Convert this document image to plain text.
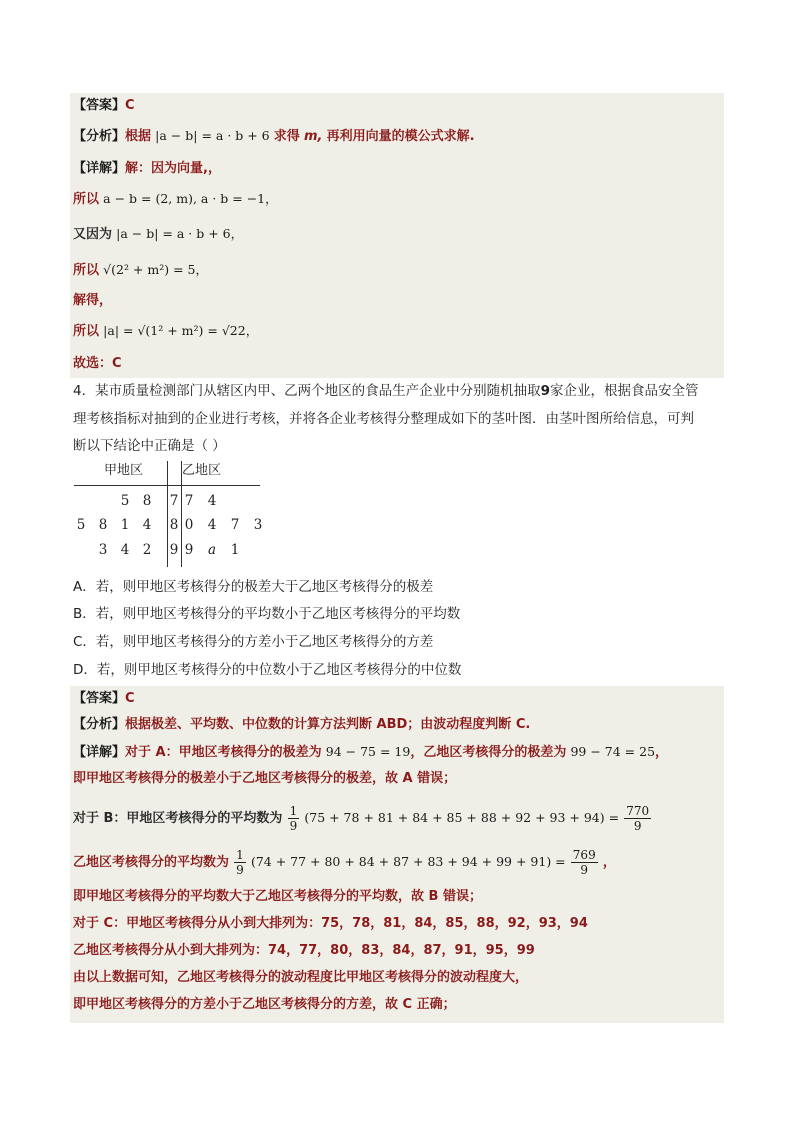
【答案】C
【分析】根据 |a − b| = a · b + 6 求得 m, 再利用向量的模公式求解.
【详解】解：因为向量,，
所以 a − b = (2, m), a · b = −1，
又因为 |a − b| = a · b + 6，
所以 √(2² + m²) = 5，
解得，
所以 |a| = √(1² + m²) = √22，
故选：C
4．某市质量检测部门从辖区内甲、乙两个地区的食品生产企业中分别随机抽取9家企业，根据食品安全管
理考核指标对抽到的企业进行考核，并将各企业考核得分整理成如下的茎叶图．由茎叶图所给信息，可判
断以下结论中正确是（ ）
甲地区	乙地区
5 8 7 7 4
5 8 1 4 8 0 4 7 3
3 4 2 9 9 a 1
A．若，则甲地区考核得分的极差大于乙地区考核得分的极差
B．若，则甲地区考核得分的平均数小于乙地区考核得分的平均数
C．若，则甲地区考核得分的方差小于乙地区考核得分的方差
D．若，则甲地区考核得分的中位数小于乙地区考核得分的中位数
【答案】C
【分析】根据极差、平均数、中位数的计算方法判断 ABD；由波动程度判断 C.
【详解】对于 A：甲地区考核得分的极差为 94 − 75 = 19，乙地区考核得分的极差为 99 − 74 = 25，
即甲地区考核得分的极差小于乙地区考核得分的极差，故 A 错误；
对于 B：甲地区考核得分的平均数为 $\frac{1}{9} (75 + 78 + 81 + 84 + 85 + 88 + 92 + 93 + 94) = \frac{770}{9}$
乙地区考核得分的平均数为 $\frac{1}{9} (74 + 77 + 80 + 84 + 87 + 83 + 94 + 99 + 91) = \frac{769}{9}$ ，
即甲地区考核得分的平均数大于乙地区考核得分的平均数，故 B 错误；
对于 C：甲地区考核得分从小到大排列为：75，78，81，84，85，88，92，93，94
乙地区考核得分从小到大排列为：74，77，80，83，84，87，91，95，99
由以上数据可知，乙地区考核得分的波动程度比甲地区考核得分的波动程度大，
即甲地区考核得分的方差小于乙地区考核得分的方差，故 C 正确；
